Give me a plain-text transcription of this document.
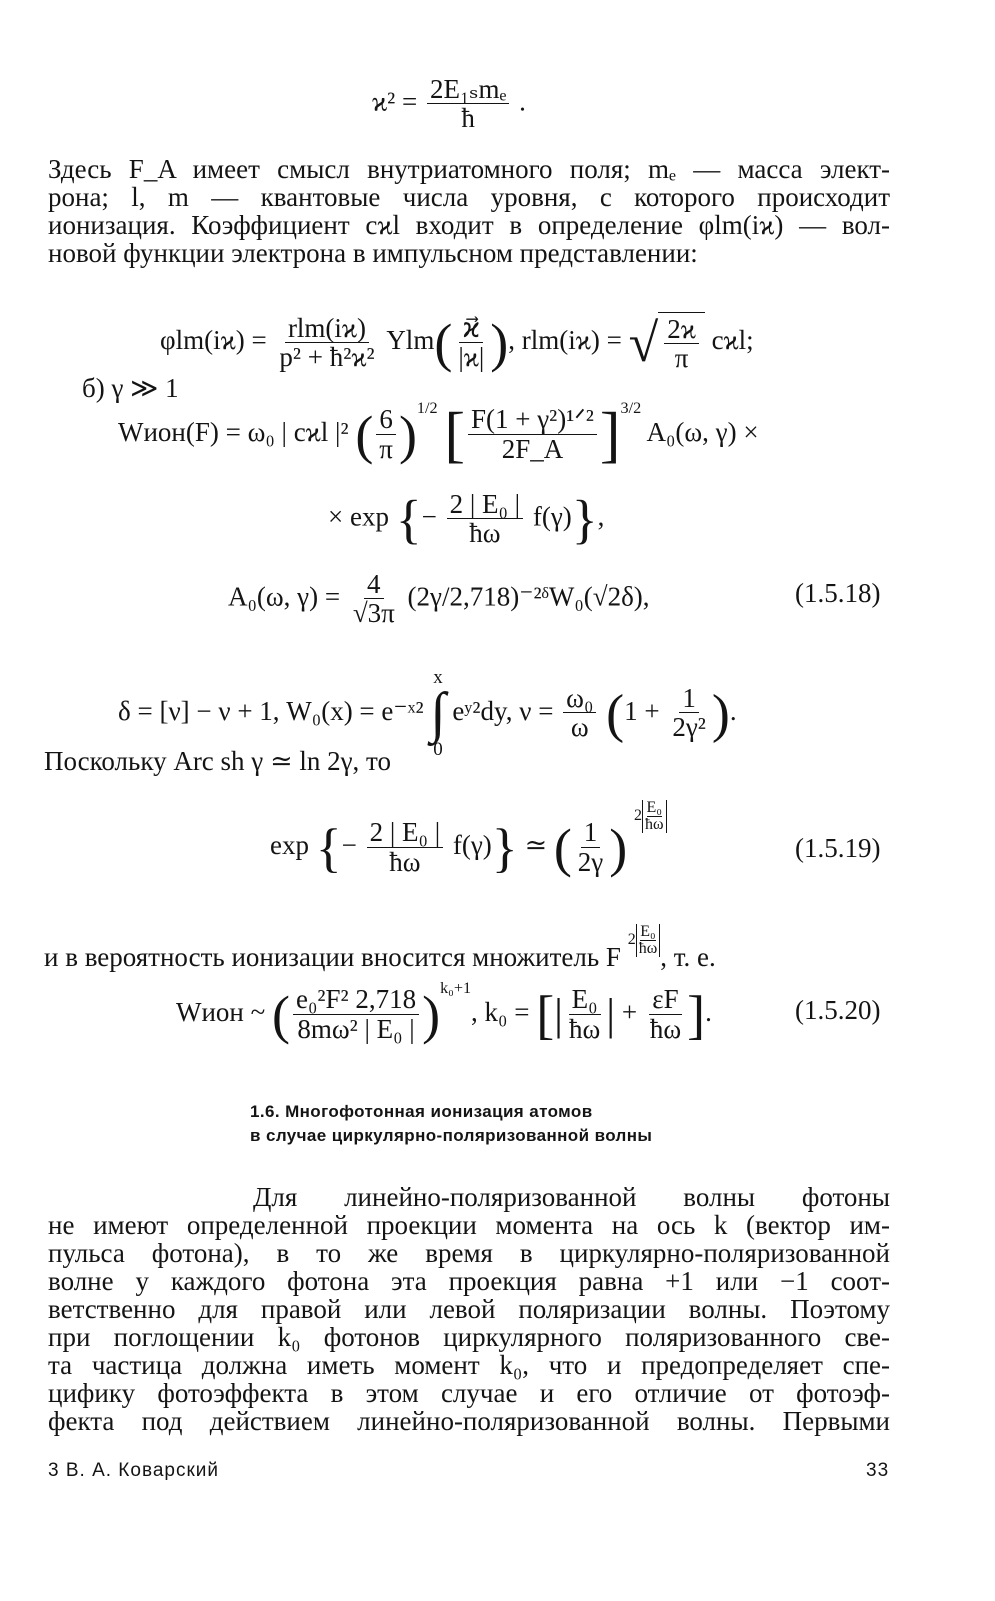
$ϰ^2 = \frac{\text{2E₁ₛmₑ}}{ħ}$ .
Здесь F_A имеет смысл внутриатомного поля; mₑ — масса элект-
рона; l, m — квантовые числа уровня, с которого происходит
ионизация. Коэффициент cϰl входит в определение φlm(iϰ) — вол-
новой функции электрона в импульсном представлении:
$\varphi lm(iϰ) = \frac{\text{rlm(iϰ)}}{\text{p² + ħ²ϰ²}} Ylm( \frac{ϰ⃗}{|ϰ|}$ ), rlm(iϰ) = √ $\frac{2ϰ}{\pi} cϰl$;
б) γ ≫ 1
Wион(F) = ω₀ | cϰl |² ( $\frac{6}{\pi} )^{1/2}$ [ $\frac{\text{F(1 + γ²)¹ᐟ²}}{2F\_A} ]^{3/2}$ A₀(ω, γ) ×
× exp {− $\frac{\text{2 | E₀ |}}{ħ\omega} f(\gamma)$},
A₀(ω, $\gamma) = \frac{4}{√3\pi}$ (2γ/2,718)⁻²ᵟW₀(√2δ),	(1.5.18)
δ = [ν] − ν + 1, W₀(x) = e⁻ˣ²
x
∫
0
eʸ²dy, $\nu = \frac{\text{ω₀}}{\omega} (1 + \frac{1}{\text{2γ²}}$ ).
Поскольку Arc sh γ ≃ ln 2γ, то
exp {− $\frac{\text{2 | E₀ |}}{ħ\omega} f(\gamma)$} ≃ ( $\frac{1}{2\gamma}$ ) $2 \frac{\text{E₀}}{ħ\omega}$
(1.5.19)
и в вероятность ионизации вносится множитель F $2 \frac{\text{E₀}}{ħ\omega}$
, т. е.
Wион ~ ( $\frac{\text{e₀²F² 2,718}}{\text{8mω² | E₀ |}} )^{k_0+1}$, k₀ = [| $\frac{\text{E₀}}{ħ\omega}$ | + $\frac{\varepsilon F}{ħ\omega}$ ].	(1.5.20)
1.6. Многофотонная ионизация атомов
в случае циркулярно-поляризованной волны
Для линейно-поляризованной волны фотоны
не имеют определенной проекции момента на ось k (вектор им-
пульса фотона), в то же время в циркулярно-поляризованной
волне у каждого фотона эта проекция равна +1 или −1 соот-
ветственно для правой или левой поляризации волны. Поэтому
при поглощении k₀ фотонов циркулярного поляризованного све-
та частица должна иметь момент k₀, что и предопределяет спе-
цифику фотоэффекта в этом случае и его отличие от фотоэф-
фекта под действием линейно-поляризованной волны. Первыми
3 В. А. Коварский	33
